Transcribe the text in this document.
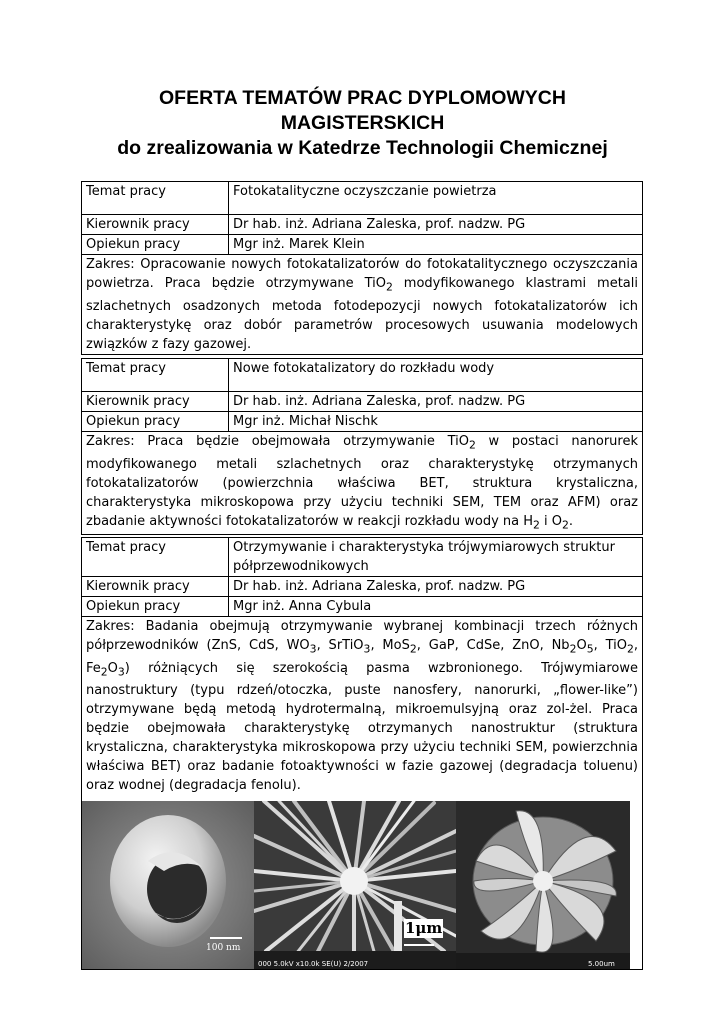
OFERTA TEMATÓW PRAC DYPLOMOWYCH
MAGISTERSKICH
do zrealizowania w Katedrze Technologii Chemicznej
Temat pracy	Fotokatalityczne oczyszczanie powietrza
Kierownik pracy	Dr hab. inż. Adriana Zaleska, prof. nadzw. PG
Opiekun pracy	Mgr inż. Marek Klein
Zakres: Opracowanie nowych fotokatalizatorów do fotokatalitycznego oczyszczania powietrza. Praca będzie otrzymywane TiO$_2$ modyfikowanego klastrami metali szlachetnych osadzonych metoda fotodepozycji nowych fotokatalizatorów ich charakterystykę oraz dobór parametrów procesowych usuwania modelowych związków z fazy gazowej.	
Temat pracy	Nowe fotokatalizatory do rozkładu wody
Kierownik pracy	Dr hab. inż. Adriana Zaleska, prof. nadzw. PG
Opiekun pracy	Mgr inż. Michał Nischk
Zakres: Praca będzie obejmowała otrzymywanie TiO$_2$ w postaci nanorurek modyfikowanego metali szlachetnych oraz charakterystykę otrzymanych fotokatalizatorów (powierzchnia właściwa BET, struktura krystaliczna, charakterystyka mikroskopowa przy użyciu techniki SEM, TEM oraz AFM) oraz zbadanie aktywności fotokatalizatorów w reakcji rozkładu wody na $H_2$ i $O_2$.	
Temat pracy	Otrzymywanie i charakterystyka trójwymiarowych struktur półprzewodnikowych
Kierownik pracy	Dr hab. inż. Adriana Zaleska, prof. nadzw. PG
Opiekun pracy	Mgr inż. Anna Cybula
Zakres: Badania obejmują otrzymywanie wybranej kombinacji trzech różnych półprzewodników (ZnS, CdS, $WO_3$, SrTiO$_3$, MoS$_2$, GaP, CdSe, ZnO, $Nb_2O_5$, TiO$_2$, $Fe_2O_3$) różniących się szerokością pasma wzbronionego. Trójwymiarowe nanostruktury (typu rdzeń/otoczka, puste nanosfery, nanorurki, „flower-like”) otrzymywane będą metodą hydrotermalną, mikroemulsyjną oraz zol-żel. Praca będzie obejmowała charakterystykę otrzymanych nanostruktur (struktura krystaliczna, charakterystyka mikroskopowa przy użyciu techniki SEM, powierzchnia właściwa BET) oraz badanie fotoaktywności w fazie gazowej (degradacja toluenu) oraz wodnej (degradacja fenolu).
100 nm
1μm
000 5.0kV x10.0k SE(U) 2/2007 5.00um	
